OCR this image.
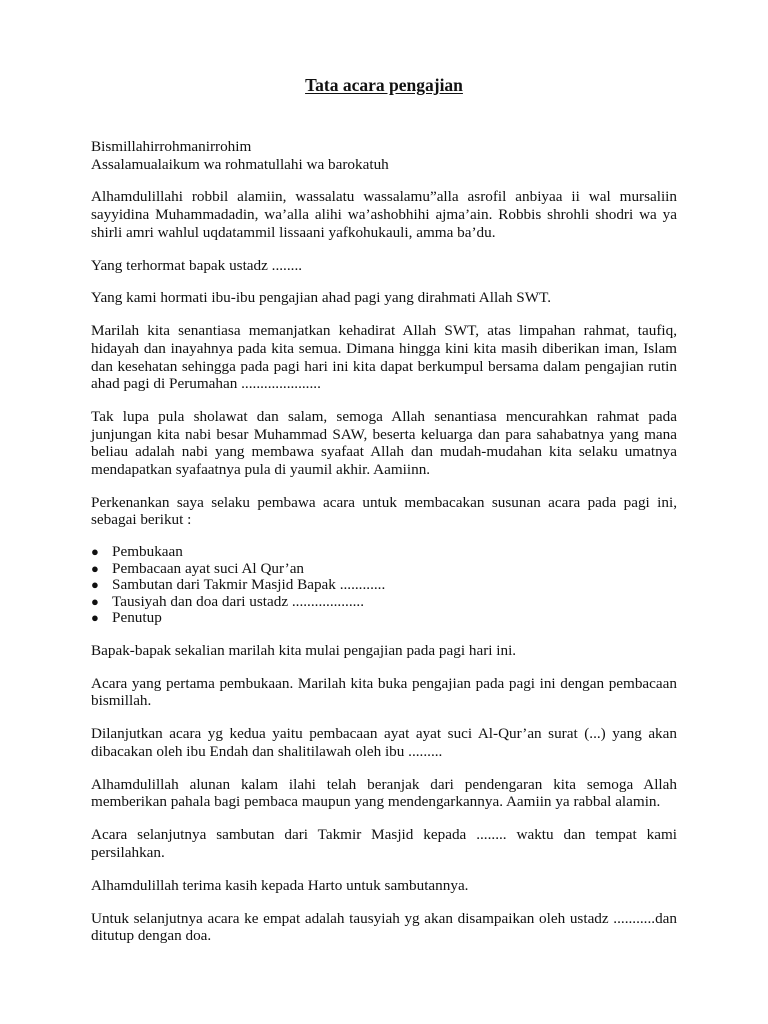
Tata acara pengajian

Bismillahirrohmanirrohim
Assalamualaikum wa rohmatullahi wa barokatuh

Alhamdulillahi robbil alamiin, wassalatu wassalamu”alla asrofil anbiyaa ii wal mursaliin sayyidina Muhammadadin, wa’alla alihi wa’ashobhihi ajma’ain. Robbis shrohli shodri wa ya shirli amri wahlul uqdatammil lissaani yafkohukauli, amma ba’du.

Yang terhormat bapak ustadz ........

Yang kami hormati ibu-ibu pengajian ahad pagi yang dirahmati Allah SWT.

Marilah kita senantiasa memanjatkan kehadirat Allah SWT, atas limpahan rahmat, taufiq, hidayah dan inayahnya pada kita semua. Dimana hingga kini kita masih diberikan iman, Islam dan kesehatan sehingga pada pagi hari ini kita dapat berkumpul bersama dalam pengajian rutin ahad pagi di Perumahan .....................

Tak lupa pula sholawat dan salam, semoga Allah senantiasa mencurahkan rahmat pada junjungan kita nabi besar Muhammad SAW, beserta keluarga dan para sahabatnya yang mana beliau adalah nabi yang membawa syafaat Allah dan mudah-mudahan kita selaku umatnya mendapatkan syafaatnya pula di yaumil akhir. Aamiinn.

Perkenankan saya selaku pembawa acara untuk membacakan susunan acara pada pagi ini, sebagai berikut :

● Pembukaan
● Pembacaan ayat suci Al Qur’an
● Sambutan dari Takmir Masjid Bapak ............
● Tausiyah dan doa dari ustadz ...................
● Penutup

Bapak-bapak sekalian marilah kita mulai pengajian pada pagi hari ini.

Acara yang pertama pembukaan. Marilah kita buka pengajian pada pagi ini dengan pembacaan bismillah.

Dilanjutkan acara yg kedua yaitu pembacaan ayat ayat suci Al-Qur’an surat (...) yang akan dibacakan oleh ibu Endah dan shalitilawah oleh ibu .........

Alhamdulillah alunan kalam ilahi telah beranjak dari pendengaran kita semoga Allah memberikan pahala bagi pembaca maupun yang mendengarkannya. Aamiin ya rabbal alamin.

Acara selanjutnya sambutan dari Takmir Masjid kepada ........ waktu dan tempat kami persilahkan.

Alhamdulillah terima kasih kepada Harto untuk sambutannya.

Untuk selanjutnya acara ke empat adalah tausyiah yg akan disampaikan oleh ustadz ...........dan ditutup dengan doa.
